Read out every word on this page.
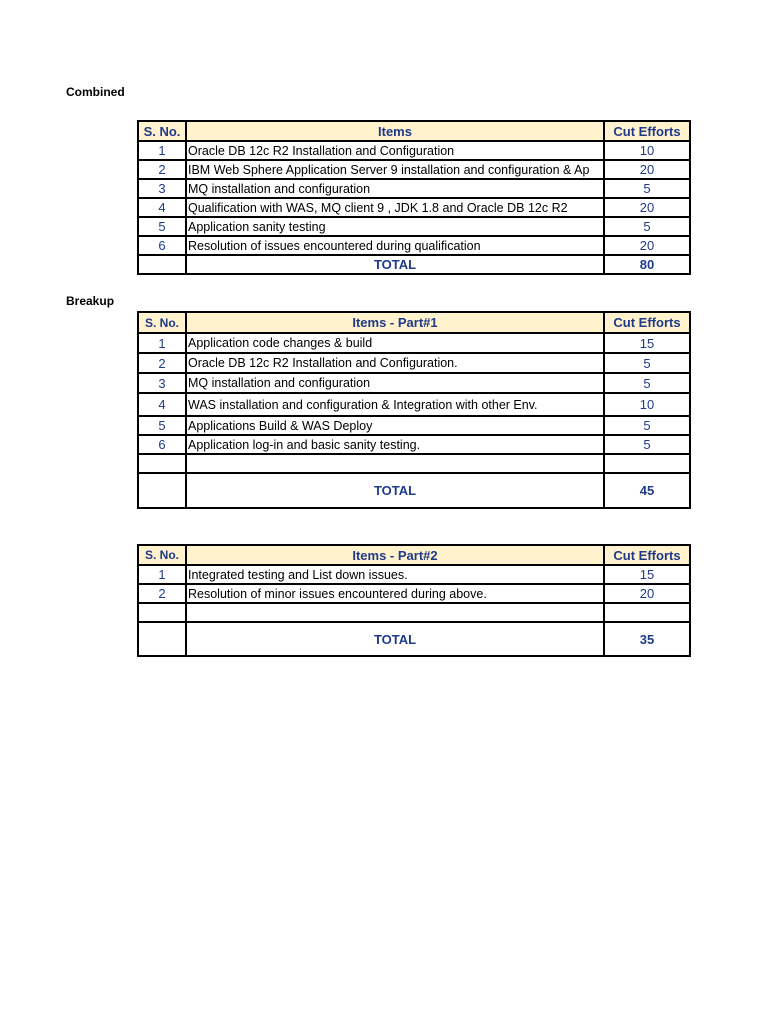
Combined
S. No.	Items	Cut Efforts
1	Oracle DB 12c R2 Installation and Configuration	10
2	IBM Web Sphere Application Server 9 installation and configuration & Ap	20
3	MQ installation and configuration	5
4	Qualification with WAS, MQ client 9 , JDK 1.8 and Oracle DB 12c R2	20
5	Application sanity testing	5
6	Resolution of issues encountered during qualification	20
	TOTAL	80
Breakup
S. No.	Items - Part#1	Cut Efforts
1	Application code changes & build	15
2	Oracle DB 12c R2 Installation and Configuration.	5
3	MQ installation and configuration	5
4	WAS installation and configuration & Integration with other Env.	10
5	Applications Build & WAS Deploy	5
6	Application log-in and basic sanity testing.	5

	TOTAL	45
S. No.	Items - Part#2	Cut Efforts
1	Integrated testing and List down issues.	15
2	Resolution of minor issues encountered during above.	20

	TOTAL	35
